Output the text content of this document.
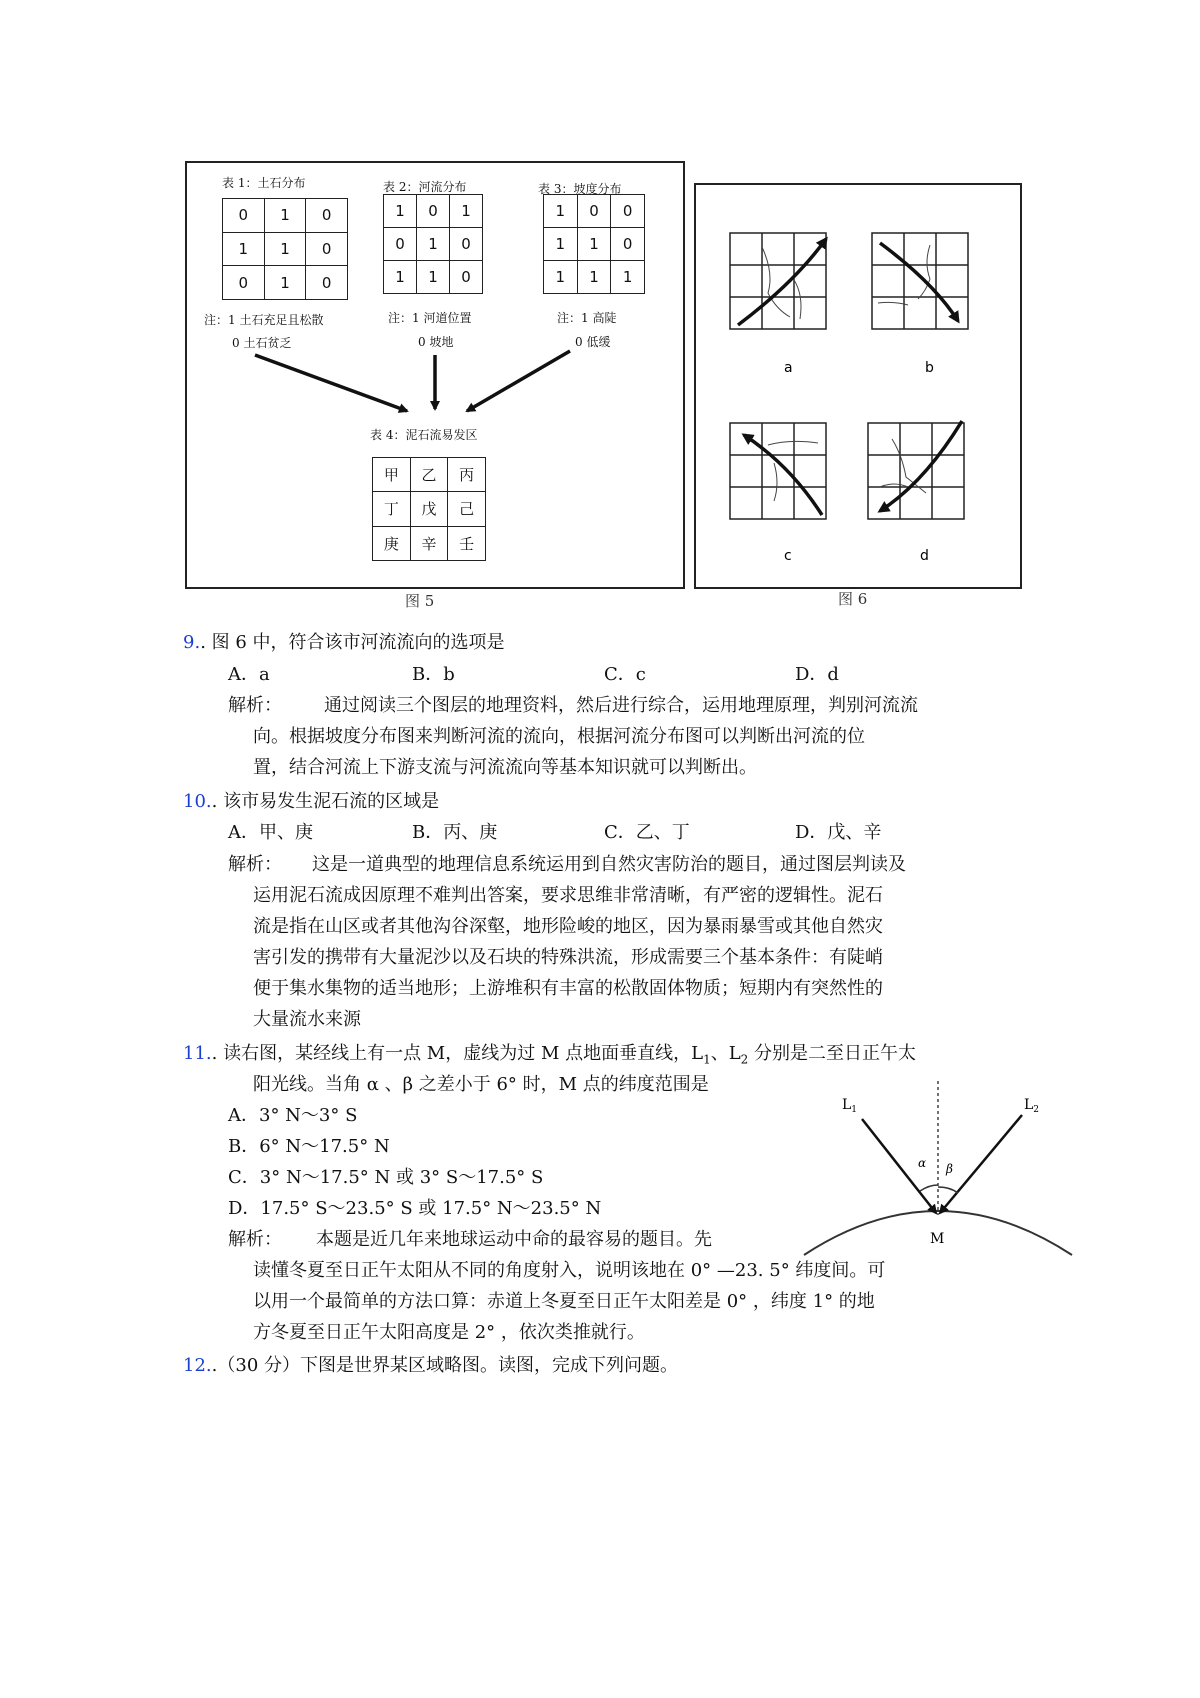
表 1：土石分布
0	1	0
1	1	0
0	1	0
注：1 土石充足且松散
0 土石贫乏
表 2：河流分布
1	0	1
0	1	0
1	1	0
注：1 河道位置
0 坡地
表 3：坡度分布
1	0	0
1	1	0
1	1	1
注：1 高陡
0 低缓
表 4：泥石流易发区
甲	乙	丙
丁	戊	己
庚	辛	壬
图 5
a	b
c	d
图 6
9.. 图 6 中，符合该市河流流向的选项是
A．a	B．b	C．c	D．d
解析： 通过阅读三个图层的地理资料，然后进行综合，运用地理原理，判别河流流
向。根据坡度分布图来判断河流的流向，根据河流分布图可以判断出河流的位
置，结合河流上下游支流与河流流向等基本知识就可以判断出。
10.. 该市易发生泥石流的区域是
A．甲、庚	B．丙、庚	C．乙、丁	D．戊、辛
解析： 这是一道典型的地理信息系统运用到自然灾害防治的题目，通过图层判读及
运用泥石流成因原理不难判出答案，要求思维非常清晰，有严密的逻辑性。泥石
流是指在山区或者其他沟谷深壑，地形险峻的地区，因为暴雨暴雪或其他自然灾
害引发的携带有大量泥沙以及石块的特殊洪流，形成需要三个基本条件：有陡峭
便于集水集物的适当地形；上游堆积有丰富的松散固体物质；短期内有突然性的
大量流水来源
11.. 读右图，某经线上有一点 M，虚线为过 M 点地面垂直线，$L_1$、$L_2$ 分别是二至日正午太
阳光线。当角 α 、β 之差小于 6° 时，M 点的纬度范围是
A．3° N～3° S
B．6° N～17.5° N
C．3° N～17.5° N 或 3° S～17.5° S
D．17.5° S～23.5° S 或 17.5° N～23.5° N
解析： 本题是近几年来地球运动中命的最容易的题目。先
读懂冬夏至日正午太阳从不同的角度射入，说明该地在 0° —23. 5° 纬度间。可
以用一个最简单的方法口算：赤道上冬夏至日正午太阳差是 0° ，纬度 1° 的地
方冬夏至日正午太阳高度是 2° ，依次类推就行。
$L_1$	$L_2$
α β
M
12..（30 分）下图是世界某区域略图。读图，完成下列问题。
